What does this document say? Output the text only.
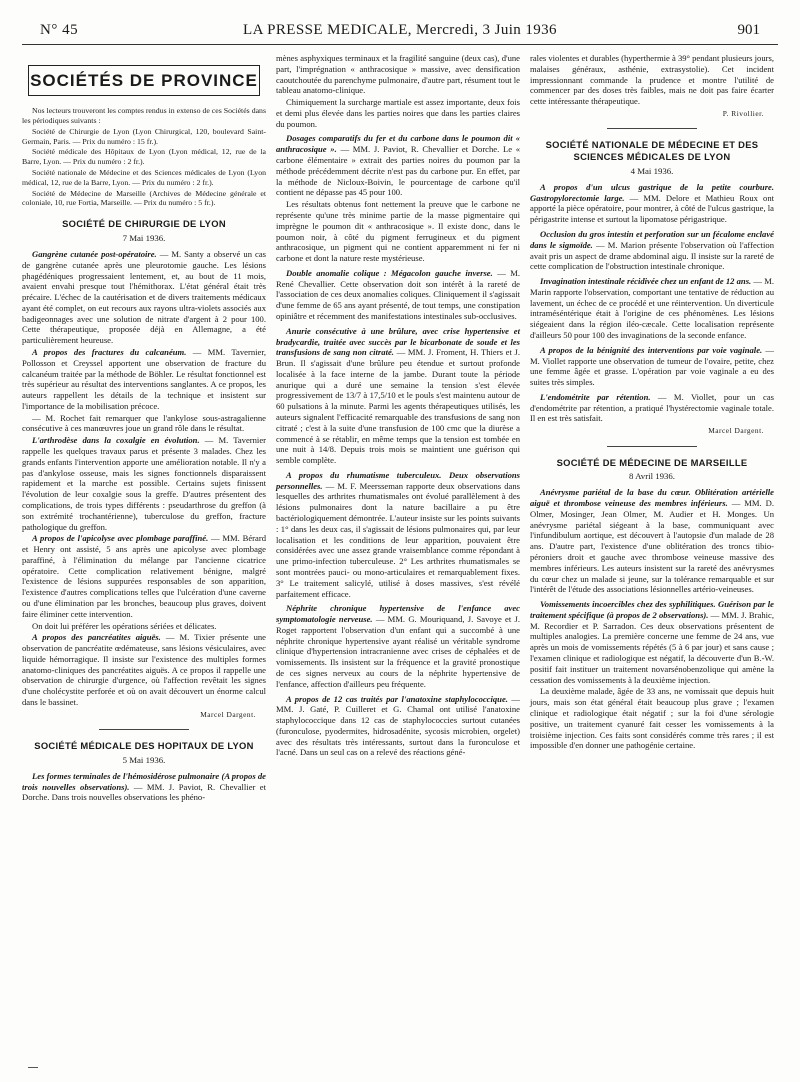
N° 45	LA PRESSE MEDICALE, Mercredi, 3 Juin 1936	901
SOCIÉTÉS DE PROVINCE

Nos lecteurs trouveront les comptes rendus in extenso de ces Sociétés dans les périodiques suivants :

Société de Chirurgie de Lyon (Lyon Chirurgical, 120, boulevard Saint-Germain, Paris. — Prix du numéro : 15 fr.).

Société médicale des Hôpitaux de Lyon (Lyon médical, 12, rue de la Barre, Lyon. — Prix du numéro : 2 fr.).

Société nationale de Médecine et des Sciences médicales de Lyon (Lyon médical, 12, rue de la Barre, Lyon. — Prix du numéro : 2 fr.).

Société de Médecine de Marseille (Archives de Médecine générale et coloniale, 10, rue Fortia, Marseille. — Prix du numéro : 5 fr.).

SOCIÉTÉ DE CHIRURGIE DE LYON
7 Mai 1936.

Gangrène cutanée post-opératoire. — M. Santy a observé un cas de gangrène cutanée après une pleurotomie gauche. Les lésions phagédéniques progressaient lentement, et, au bout de 11 mois, avaient envahi presque tout l'hémithorax. L'état général était très précaire. L'échec de la cautérisation et de divers traitements médicaux ayant été complet, on eut recours aux rayons ultra-violets associés aux badigeonnages avec une solution de nitrate d'argent à 2 pour 100. Cette thérapeutique, proposée déjà en Allemagne, a été particulièrement heureuse.

A propos des fractures du calcanéum. — MM. Tavernier, Pollosson et Creyssel apportent une observation de fracture du calcanéum traitée par la méthode de Böhler. Le résultat fonctionnel est très supérieur au résultat des interventions sanglantes. A ce propos, les auteurs rappellent les détails de la technique et insistent sur l'importance de la mobilisation précoce.

— M. Rochet fait remarquer que l'ankylose sous-astragalienne consécutive à ces manœuvres joue un grand rôle dans le résultat.

L'arthrodèse dans la coxalgie en évolution. — M. Tavernier rappelle les quelques travaux parus et présente 3 malades. Chez les grands enfants l'intervention apporte une amélioration notable. Il n'y a pas d'ankylose osseuse, mais les signes fonctionnels disparaissent rapidement et la marche est possible. Certains sujets finissent l'évolution de leur coxalgie sous la greffe. D'autres présentent des complications, de trois types différents : pseudarthrose du greffon (à son extrémité trochantérienne), tuberculose du greffon, fracture pathologique du greffon.

A propos de l'apicolyse avec plombage paraffiné. — MM. Bérard et Henry ont assisté, 5 ans après une apicolyse avec plombage paraffiné, à l'élimination du mélange par l'ancienne cicatrice opératoire. Cette complication relativement bénigne, malgré l'existence de lésions suppurées responsables de son apparition, l'existence d'autres complications telles que l'ulcération d'une caverne ou d'une élimination par les bronches, beaucoup plus graves, doivent faire éliminer cette intervention.

On doit lui préférer les opérations sériées et délicates.

A propos des pancréatites aiguës. — M. Tixier présente une observation de pancréatite œdémateuse, sans lésions vésiculaires, avec liquide hémorragique. Il insiste sur l'existence des multiples formes anatomo-cliniques des pancréatites aiguës. A ce propos il rappelle une observation de chirurgie d'urgence, où l'affection revêtait les signes d'une cholécystite perforée et où on avait découvert un énorme calcul dans le bassinet.

Marcel Dargent.
SOCIÉTÉ MÉDICALE DES HOPITAUX DE LYON
5 Mai 1936.

Les formes terminales de l'hémosidérose pulmonaire (A propos de trois nouvelles observations). — MM. J. Paviot, R. Chevallier et Dorche. Dans trois nouvelles observations les phéno-

mènes asphyxiques terminaux et la fragilité sanguine (deux cas), d'une part, l'imprégnation « anthracosique » massive, avec densification caoutchoutée du parenchyme pulmonaire, d'autre part, résument tout le tableau anatomo-clinique.

Chimiquement la surcharge martiale est assez importante, deux fois et demi plus élevée dans les parties noires que dans les parties claires du poumon.

Dosages comparatifs du fer et du carbone dans le poumon dit « anthracosique ». — MM. J. Paviot, R. Chevallier et Dorche. Le « carbone élémentaire » extrait des parties noires du poumon par la méthode précédemment décrite n'est pas du carbone pur. En effet, par la méthode de Nicloux-Boivin, le pourcentage de carbone qu'il contient ne dépasse pas 45 pour 100.

Les résultats obtenus font nettement la preuve que le carbone ne représente qu'une très minime partie de la masse pigmentaire qui imprègne le poumon dit « anthracosique ». Il existe donc, dans le poumon noir, à côté du pigment ferrugineux et du pigment anthracosique, un pigment qui ne contient apparemment ni fer ni carbone et dont la nature reste mystérieuse.

Double anomalie colique : Mégacolon gauche inverse. — M. René Chevallier. Cette observation doit son intérêt à la rareté de l'association de ces deux anomalies coliques. Cliniquement il s'agissait d'une femme de 65 ans ayant présenté, de tout temps, une constipation opiniâtre et récemment des manifestations intestinales sub-occlusives.

Anurie consécutive à une brûlure, avec crise hypertensive et bradycardie, traitée avec succès par le bicarbonate de soude et les transfusions de sang non citraté. — MM. J. Froment, H. Thiers et J. Brun. Il s'agissait d'une brûlure peu étendue et surtout profonde localisée à la face interne de la jambe. Durant toute la période anurique qui a duré une semaine la tension s'est élevée progressivement de 13/7 à 17,5/10 et le pouls s'est maintenu autour de 60 pulsations à la minute. Parmi les agents thérapeutiques utilisés, les auteurs signalent l'efficacité remarquable des transfusions de sang non citraté ; c'est à la suite d'une transfusion de 100 cmc que la diurèse a commencé à se rétablir, en même temps que la tension est tombée en une nuit à 14/8. Depuis trois mois se maintient une guérison qui semble complète.

A propos du rhumatisme tuberculeux. Deux observations personnelles. — M. F. Meersseman rapporte deux observations dans lesquelles des arthrites rhumatismales ont évolué parallèlement à des lésions pulmonaires dont la nature bacillaire a pu être bactériologiquement démontrée. L'auteur insiste sur les points suivants : 1° dans les deux cas, il s'agissait de lésions pulmonaires qui, par leur localisation et les conditions de leur apparition, pouvaient être considérées avec une assez grande vraisemblance comme répondant à une primo-infection tuberculeuse. 2° Les arthrites rhumatismales se sont montrées pauci- ou mono-articulaires et remarquablement fixes. 3° Le traitement salicylé, utilisé à doses massives, s'est révélé parfaitement efficace.

Néphrite chronique hypertensive de l'enfance avec symptomatologie nerveuse. — MM. G. Mouriquand, J. Savoye et J. Roget rapportent l'observation d'un enfant qui a succombé à une néphrite chronique hypertensive ayant réalisé un véritable syndrome clinique d'hypertension intracranienne avec crises de céphalées et de vomissements. Ils insistent sur la fréquence et la gravité pronostique de ces signes nerveux au cours de la néphrite hypertensive de l'enfance, affection d'ailleurs peu fréquente.

A propos de 12 cas traités par l'anatoxine staphylococcique. — MM. J. Gaté, P. Cuilleret et G. Chamal ont utilisé l'anatoxine staphylococcique dans 12 cas de staphylococcies surtout cutanées (furonculose, pyodermites, hidrosadénite, sycosis microbien, orgelet) avec des résultats très intéressants, surtout dans la furonculose et l'acné. Dans un seul cas on a relevé des réactions géné-

rales violentes et durables (hyperthermie à 39° pendant plusieurs jours, malaises généraux, asthénie, extrasystolie). Cet incident impressionnant commande la prudence et montre l'utilité de commencer par des doses très faibles, mais ne doit pas faire écarter cette intéressante thérapeutique.

P. Rivollier.
SOCIÉTÉ NATIONALE DE MÉDECINE ET DES SCIENCES MÉDICALES DE LYON
4 Mai 1936.

A propos d'un ulcus gastrique de la petite courbure. Gastropylorectomie large. — MM. Delore et Mathieu Roux ont apporté la pièce opératoire, pour montrer, à côté de l'ulcus gastrique, la périgastrite intense et surtout la lipomatose périgastrique.

Occlusion du gros intestin et perforation sur un fécalome enclavé dans le sigmoïde. — M. Marion présente l'observation où l'affection avait pris un aspect de drame abdominal aigu. Il insiste sur la rareté de cette complication de l'obstruction intestinale chronique.

Invagination intestinale récidivée chez un enfant de 12 ans. — M. Marin rapporte l'observation, comportant une tentative de réduction au lavement, un échec de ce procédé et une réintervention. Un diverticule intraméséntérique était à l'origine de ces phénomènes. Les lésions siégeaient dans la région iléo-cæcale. Cette localisation représente d'ailleurs 50 pour 100 des invaginations de la seconde enfance.

A propos de la bénignité des interventions par voie vaginale. — M. Viollet rapporte une observation de tumeur de l'ovaire, petite, chez une femme âgée et grasse. L'opération par voie vaginale a eu des suites très simples.

L'endométrite par rétention. — M. Viollet, pour un cas d'endométrite par rétention, a pratiqué l'hystérectomie vaginale totale. Il en est très satisfait.

Marcel Dargent.
SOCIÉTÉ DE MÉDECINE DE MARSEILLE
8 Avril 1936.

Anévrysme pariétal de la base du cœur. Oblitération artérielle aiguë et thrombose veineuse des membres inférieurs. — MM. D. Olmer, Mosinger, Jean Olmer, M. Audier et H. Monges. Un anévrysme pariétal siégeant à la base, communiquant avec l'infundibulum aortique, est découvert à l'autopsie d'un malade de 28 ans. D'autre part, l'existence d'une oblitération des troncs tibio-péroniers droit et gauche avec thrombose veineuse massive des membres inférieurs. Les auteurs insistent sur la rareté des anévrysmes du cœur chez un malade si jeune, sur la tolérance remarquable et sur l'intérêt de l'étude des associations lésionnelles artério-veineuses.

Vomissements incoercibles chez des syphilitiques. Guérison par le traitement spécifique (à propos de 2 observations). — MM. J. Brahic, M. Recordier et P. Sarradon. Ces deux observations présentent de multiples analogies. La première concerne une femme de 24 ans, vue après un mois de vomissements répétés (5 à 6 par jour) et sans cause ; l'examen clinique et radiologique est négatif, la découverte d'un B.-W. positif fait instituer un traitement novarsénobenzolique qui amène la cessation des vomissements à la deuxième injection.

La deuxième malade, âgée de 33 ans, ne vomissait que depuis huit jours, mais son état général était beaucoup plus grave ; l'examen clinique et radiologique était négatif ; sur la foi d'une sérologie positive, un traitement cyanuré fait cesser les vomissements à la troisième injection. Ces faits sont considérés comme très rares ; il est impossible d'en donner une pathogénie certaine.
